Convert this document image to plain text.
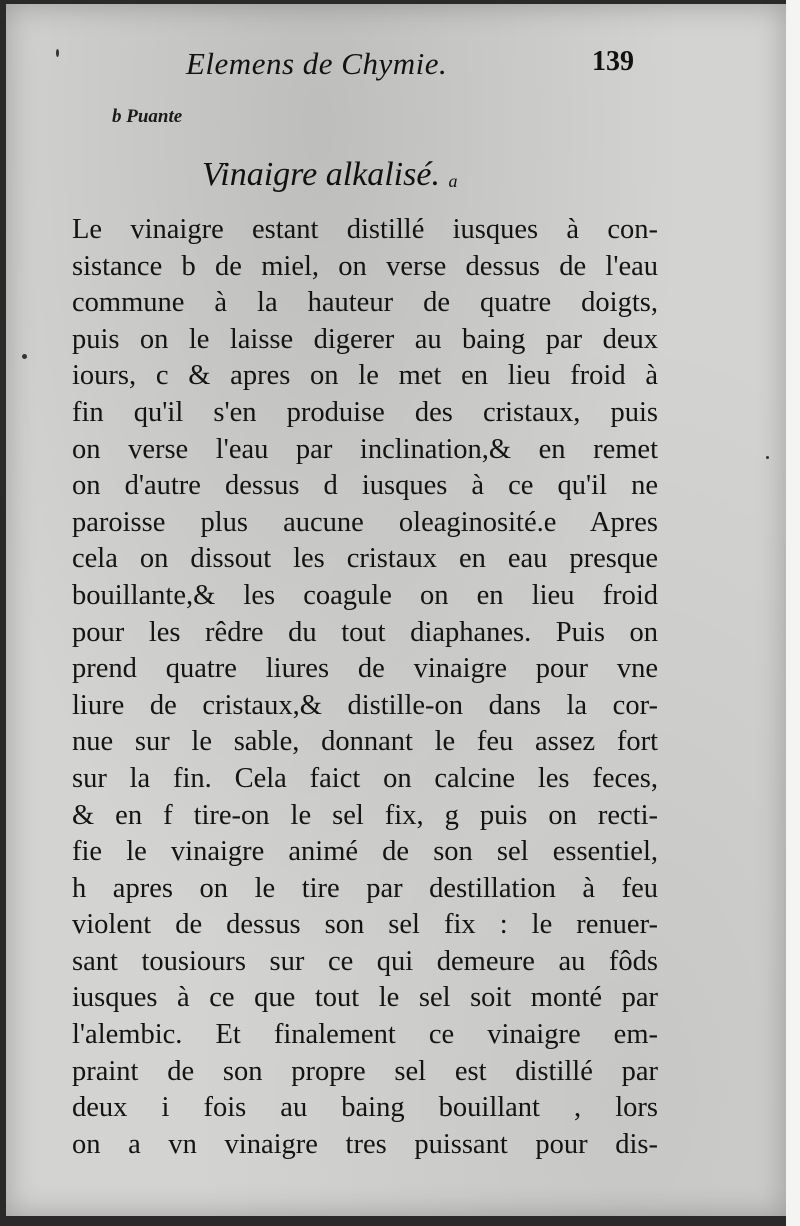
Elemens de Chymie.	139
b Puante
Vinaigre alkalisé. a
Le vinaigre estant distillé iusques à con-
sistance b de miel, on verse dessus de l'eau
commune à la hauteur de quatre doigts,
puis on le laisse digerer au baing par deux
iours, c & apres on le met en lieu froid à
fin qu'il s'en produise des cristaux, puis
on verse l'eau par inclination,& en remet
on d'autre dessus d iusques à ce qu'il ne
paroisse plus aucune oleaginosité.e Apres
cela on dissout les cristaux en eau presque
bouillante,& les coagule on en lieu froid
pour les rêdre du tout diaphanes. Puis on
prend quatre liures de vinaigre pour vne
liure de cristaux,& distille-on dans la cor-
nue sur le sable, donnant le feu assez fort
sur la fin. Cela faict on calcine les feces,
& en f tire-on le sel fix, g puis on recti-
fie le vinaigre animé de son sel essentiel,
h apres on le tire par destillation à feu
violent de dessus son sel fix : le renuer-
sant tousiours sur ce qui demeure au fôds
iusques à ce que tout le sel soit monté par
l'alembic. Et finalement ce vinaigre em-
praint de son propre sel est distillé par
deux i fois au baing bouillant , lors
on a vn vinaigre tres puissant pour dis-
